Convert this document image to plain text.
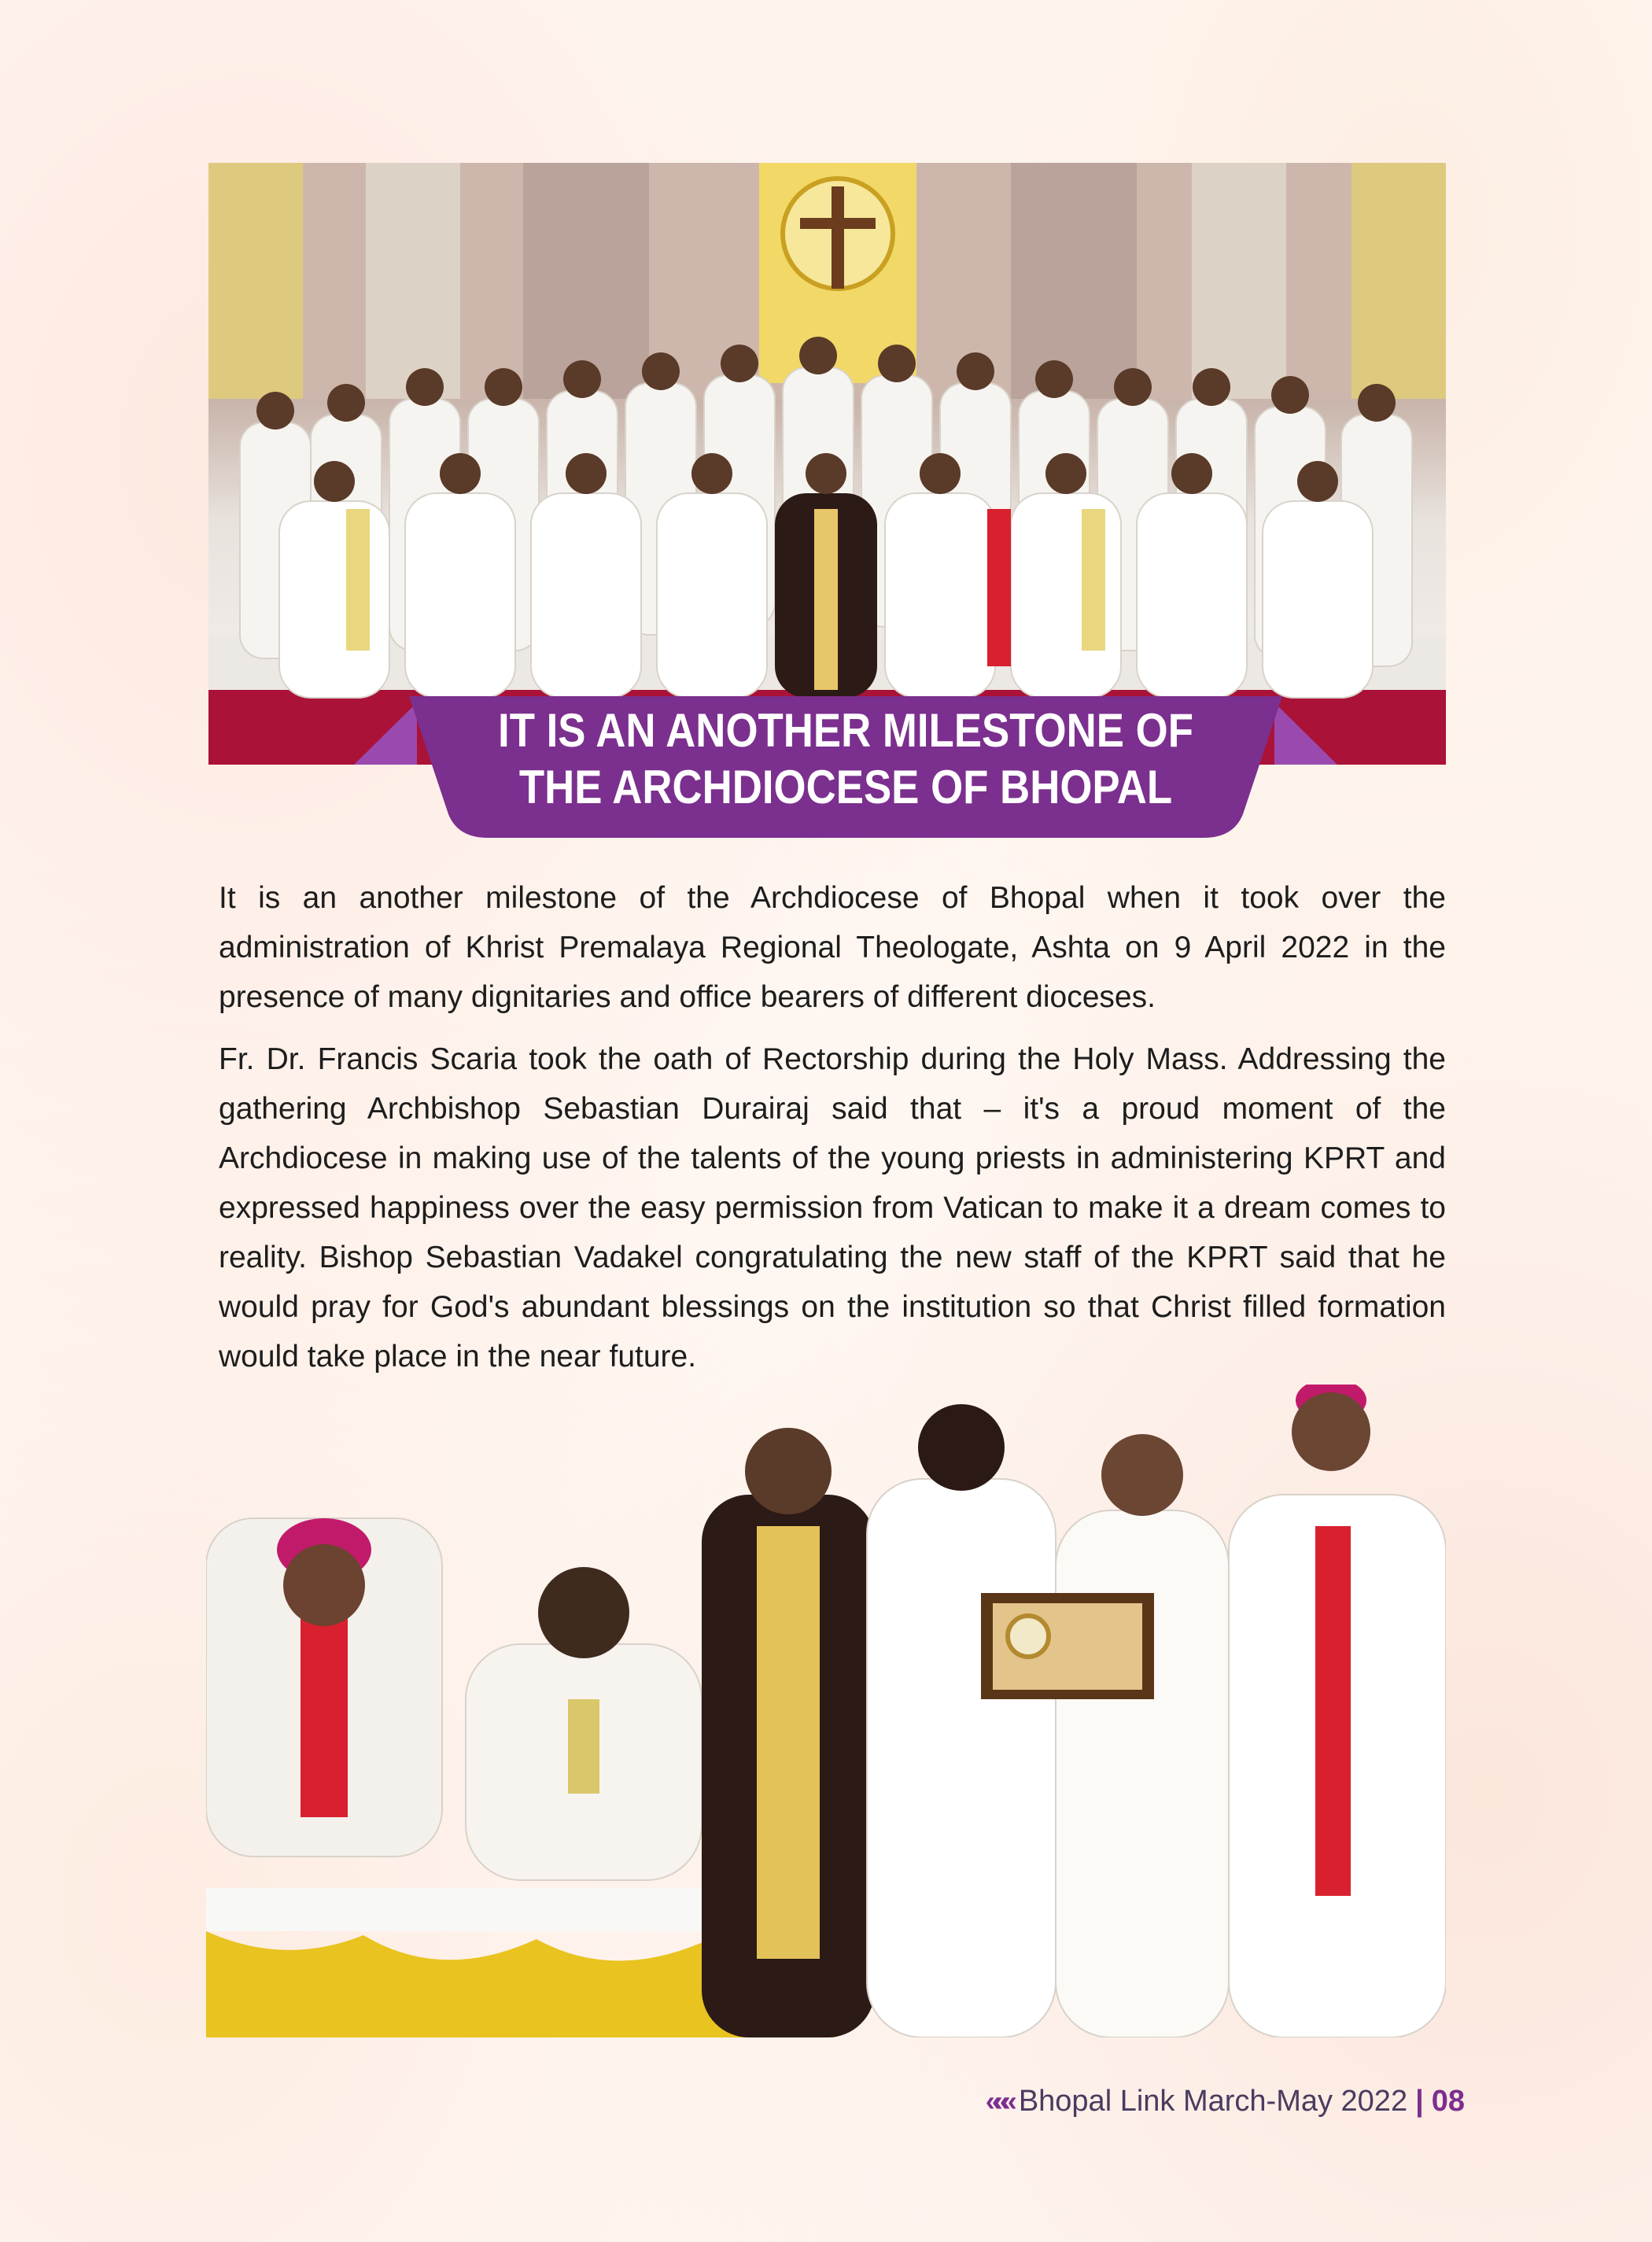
IT IS AN ANOTHER MILESTONE OF
THE ARCHDIOCESE OF BHOPAL

It is an another milestone of the Archdiocese of Bhopal when it took over the administration of Khrist Premalaya Regional Theologate, Ashta on 9 April 2022 in the presence of many dignitaries and office bearers of different dioceses.

Fr. Dr. Francis Scaria took the oath of Rectorship during the Holy Mass. Addressing the gathering Archbishop Sebastian Durairaj said that – it's a proud moment of the Archdiocese in making use of the talents of the young priests in administering KPRT and expressed happiness over the easy permission from Vatican to make it a dream comes to reality. Bishop Sebastian Vadakel congratulating the new staff of the KPRT said that he would pray for God's abundant blessings on the institution so that Christ filled formation would take place in the near future.

««« Bhopal Link March-May 2022 | 08
